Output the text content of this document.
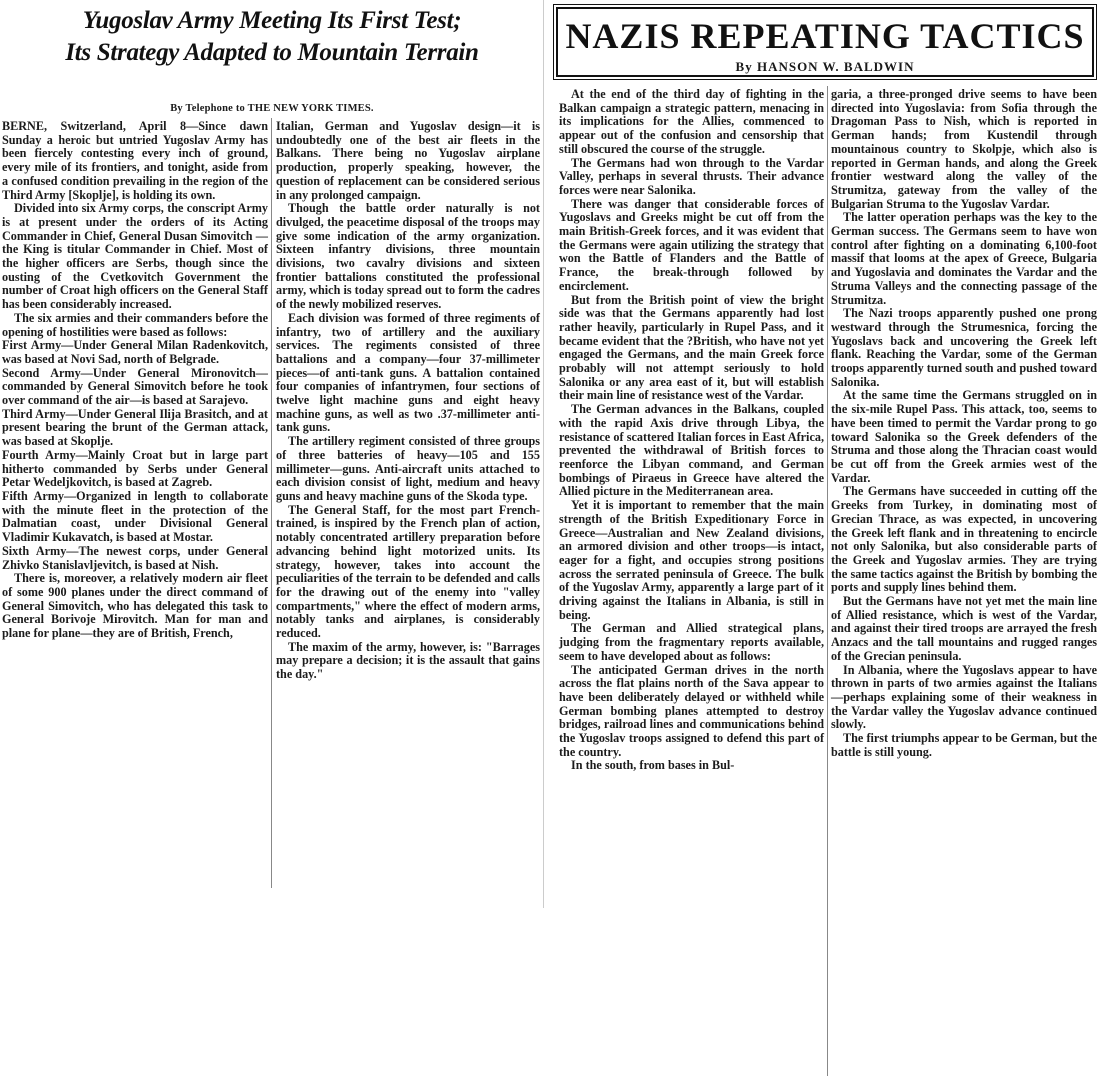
Yugoslav Army Meeting Its First Test;
Its Strategy Adapted to Mountain Terrain
By Telephone to THE NEW YORK TIMES.

BERNE, Switzerland, April 8—Since dawn Sunday a heroic but untried Yugoslav Army has been fiercely contesting every inch of ground, every mile of its frontiers, and tonight, aside from a confused condition prevailing in the region of the Third Army [Skoplje], is holding its own.

Divided into six Army corps, the conscript Army is at present under the orders of its Acting Commander in Chief, General Dusan Simovitch —the King is titular Commander in Chief. Most of the higher officers are Serbs, though since the ousting of the Cvetkovitch Government the number of Croat high officers on the General Staff has been considerably increased.

The six armies and their commanders before the opening of hostilities were based as follows:

First Army—Under General Milan Radenkovitch, was based at Novi Sad, north of Belgrade.

Second Army—Under General Mironovitch—commanded by General Simovitch before he took over command of the air—is based at Sarajevo.

Third Army—Under General Ilija Brasitch, and at present bearing the brunt of the German attack, was based at Skoplje.

Fourth Army—Mainly Croat but in large part hitherto commanded by Serbs under General Petar Wedeljkovitch, is based at Zagreb.

Fifth Army—Organized in length to collaborate with the minute fleet in the protection of the Dalmatian coast, under Divisional General Vladimir Kukavatch, is based at Mostar.

Sixth Army—The newest corps, under General Zhivko Stanislavljevitch, is based at Nish.

There is, moreover, a relatively modern air fleet of some 900 planes under the direct command of General Simovitch, who has delegated this task to General Borivoje Mirovitch. Man for man and plane for plane—they are of British, French,

Italian, German and Yugoslav design—it is undoubtedly one of the best air fleets in the Balkans. There being no Yugoslav airplane production, properly speaking, however, the question of replacement can be considered serious in any prolonged campaign.

Though the battle order naturally is not divulged, the peacetime disposal of the troops may give some indication of the army organization. Sixteen infantry divisions, three mountain divisions, two cavalry divisions and sixteen frontier battalions constituted the professional army, which is today spread out to form the cadres of the newly mobilized reserves.

Each division was formed of three regiments of infantry, two of artillery and the auxiliary services. The regiments consisted of three battalions and a company—four 37-millimeter pieces—of anti-tank guns. A battalion contained four companies of infantrymen, four sections of twelve light machine guns and eight heavy machine guns, as well as two .37-millimeter anti-tank guns.

The artillery regiment consisted of three groups of three batteries of heavy—105 and 155 millimeter—guns. Anti-aircraft units attached to each division consist of light, medium and heavy guns and heavy machine guns of the Skoda type.

The General Staff, for the most part French-trained, is inspired by the French plan of action, notably concentrated artillery preparation before advancing behind light motorized units. Its strategy, however, takes into account the peculiarities of the terrain to be defended and calls for the drawing out of the enemy into "valley compartments," where the effect of modern arms, notably tanks and airplanes, is considerably reduced.

The maxim of the army, however, is: "Barrages may prepare a decision; it is the assault that gains the day."

NAZIS REPEATING TACTICS
By HANSON W. BALDWIN

At the end of the third day of fighting in the Balkan campaign a strategic pattern, menacing in its implications for the Allies, commenced to appear out of the confusion and censorship that still obscured the course of the struggle.

The Germans had won through to the Vardar Valley, perhaps in several thrusts. Their advance forces were near Salonika.

There was danger that considerable forces of Yugoslavs and Greeks might be cut off from the main British-Greek forces, and it was evident that the Germans were again utilizing the strategy that won the Battle of Flanders and the Battle of France, the break-through followed by encirclement.

But from the British point of view the bright side was that the Germans apparently had lost rather heavily, particularly in Rupel Pass, and it became evident that the ?British, who have not yet engaged the Germans, and the main Greek force probably will not attempt seriously to hold Salonika or any area east of it, but will establish their main line of resistance west of the Vardar.

The German advances in the Balkans, coupled with the rapid Axis drive through Libya, the resistance of scattered Italian forces in East Africa, prevented the withdrawal of British forces to reenforce the Libyan command, and German bombings of Piraeus in Greece have altered the Allied picture in the Mediterranean area.

Yet it is important to remember that the main strength of the British Expeditionary Force in Greece—Australian and New Zealand divisions, an armored division and other troops—is intact, eager for a fight, and occupies strong positions across the serrated peninsula of Greece. The bulk of the Yugoslav Army, apparently a large part of it driving against the Italians in Albania, is still in being.

The German and Allied strategical plans, judging from the fragmentary reports available, seem to have developed about as follows:

The anticipated German drives in the north across the flat plains north of the Sava appear to have been deliberately delayed or withheld while German bombing planes attempted to destroy bridges, railroad lines and communications behind the Yugoslav troops assigned to defend this part of the country.

In the south, from bases in Bul-

garia, a three-pronged drive seems to have been directed into Yugoslavia: from Sofia through the Dragoman Pass to Nish, which is reported in German hands; from Kustendil through mountainous country to Skolpje, which also is reported in German hands, and along the Greek frontier westward along the valley of the Strumitza, gateway from the valley of the Bulgarian Struma to the Yugoslav Vardar.

The latter operation perhaps was the key to the German success. The Germans seem to have won control after fighting on a dominating 6,100-foot massif that looms at the apex of Greece, Bulgaria and Yugoslavia and dominates the Vardar and the Struma Valleys and the connecting passage of the Strumitza.

The Nazi troops apparently pushed one prong westward through the Strumesnica, forcing the Yugoslavs back and uncovering the Greek left flank. Reaching the Vardar, some of the German troops apparently turned south and pushed toward Salonika.

At the same time the Germans struggled on in the six-mile Rupel Pass. This attack, too, seems to have been timed to permit the Vardar prong to go toward Salonika so the Greek defenders of the Struma and those along the Thracian coast would be cut off from the Greek armies west of the Vardar.

The Germans have succeeded in cutting off the Greeks from Turkey, in dominating most of Grecian Thrace, as was expected, in uncovering the Greek left flank and in threatening to encircle not only Salonika, but also considerable parts of the Greek and Yugoslav armies. They are trying the same tactics against the British by bombing the ports and supply lines behind them.

But the Germans have not yet met the main line of Allied resistance, which is west of the Vardar, and against their tired troops are arrayed the fresh Anzacs and the tall mountains and rugged ranges of the Grecian peninsula.

In Albania, where the Yugoslavs appear to have thrown in parts of two armies against the Italians—perhaps explaining some of their weakness in the Vardar valley the Yugoslav advance continued slowly.

The first triumphs appear to be German, but the battle is still young.
